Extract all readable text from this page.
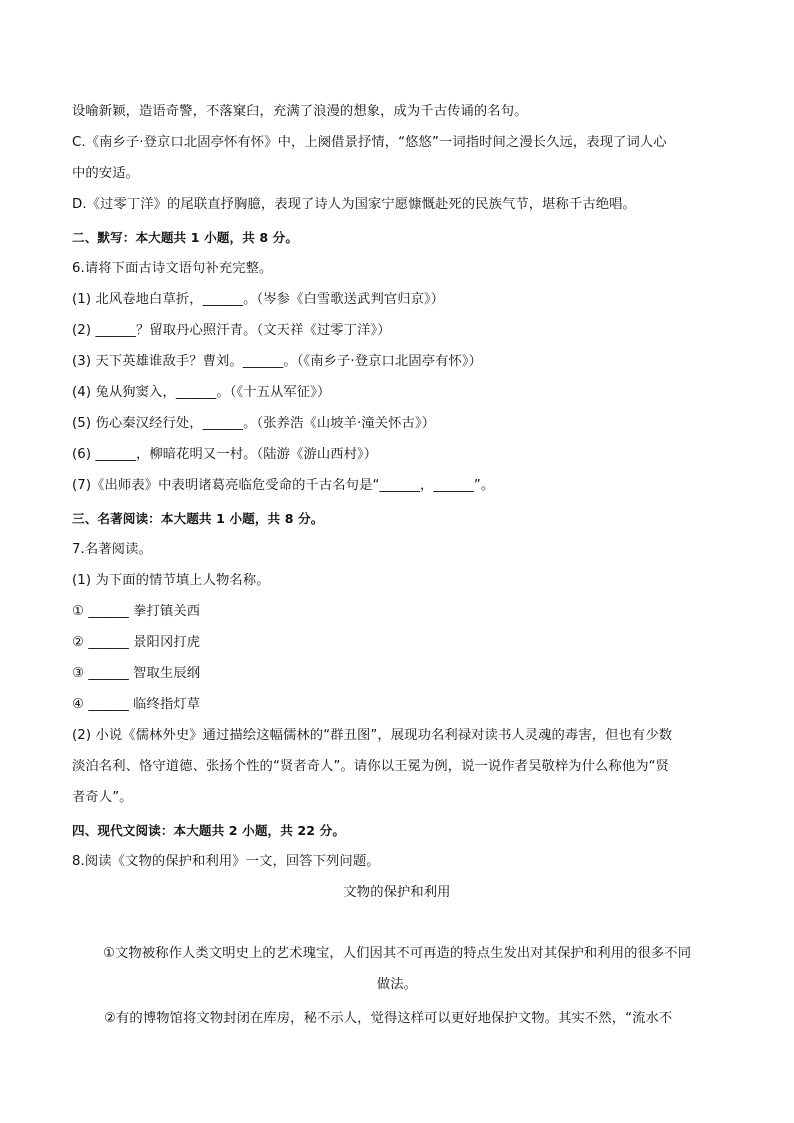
设喻新颖，造语奇警，不落窠臼，充满了浪漫的想象，成为千古传诵的名句。
C.《南乡子·登京口北固亭怀有怀》中，上阕借景抒情，“悠悠”一词指时间之漫长久远，表现了词人心
中的安适。
D.《过零丁洋》的尾联直抒胸臆，表现了诗人为国家宁愿慷慨赴死的民族气节，堪称千古绝唱。
二、默写：本大题共 1 小题，共 8 分。
6.请将下面古诗文语句补充完整。
(1) 北风卷地白草折，______。（岑参《白雪歌送武判官归京》）
(2) ______？留取丹心照汗青。（文天祥《过零丁洋》）
(3) 天下英雄谁敌手？曹刘。______。（《南乡子·登京口北固亭有怀》）
(4) 兔从狗窦入，______。（《十五从军征》）
(5) 伤心秦汉经行处，______。（张养浩《山坡羊·潼关怀古》）
(6) ______，柳暗花明又一村。（陆游《游山西村》）
(7)《出师表》中表明诸葛亮临危受命的千古名句是“______，______”。
三、名著阅读：本大题共 1 小题，共 8 分。
7.名著阅读。
(1) 为下面的情节填上人物名称。
① ______ 拳打镇关西
② ______ 景阳冈打虎
③ ______ 智取生辰纲
④ ______ 临终指灯草
(2) 小说《儒林外史》通过描绘这幅儒林的“群丑图”，展现功名利禄对读书人灵魂的毒害，但也有少数
淡泊名利、恪守道德、张扬个性的“贤者奇人”。请你以王冕为例，说一说作者吴敬梓为什么称他为“贤
者奇人”。
四、现代文阅读：本大题共 2 小题，共 22 分。
8.阅读《文物的保护和利用》一文，回答下列问题。
文物的保护和利用
①文物被称作人类文明史上的艺术瑰宝，人们因其不可再造的特点生发出对其保护和利用的很多不同
做法。
②有的博物馆将文物封闭在库房，秘不示人，觉得这样可以更好地保护文物。其实不然，“流水不
